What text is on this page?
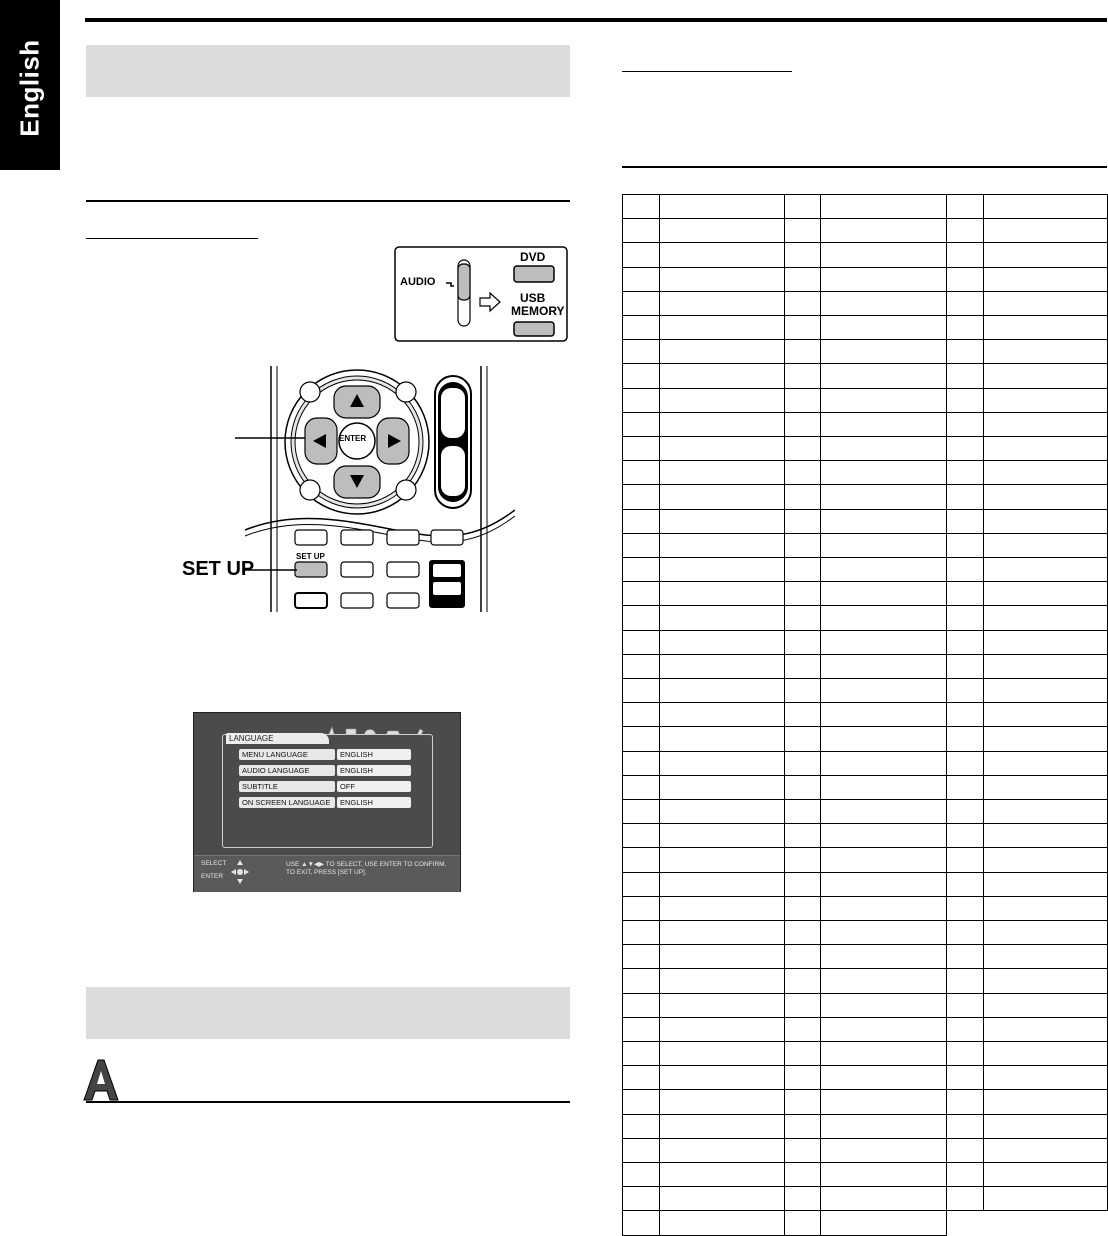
English
AUDIO
DVD
USB
MEMORY
ENTER
SET UP
SET UP
LANGUAGE
MENU LANGUAGE	ENGLISH
AUDIO LANGUAGE	ENGLISH
SUBTITLE	OFF
ON SCREEN LANGUAGE	ENGLISH
SELECT
ENTER
USE ▲▼◀▶ TO SELECT, USE ENTER TO CONFIRM.
TO EXIT, PRESS [SET UP].
